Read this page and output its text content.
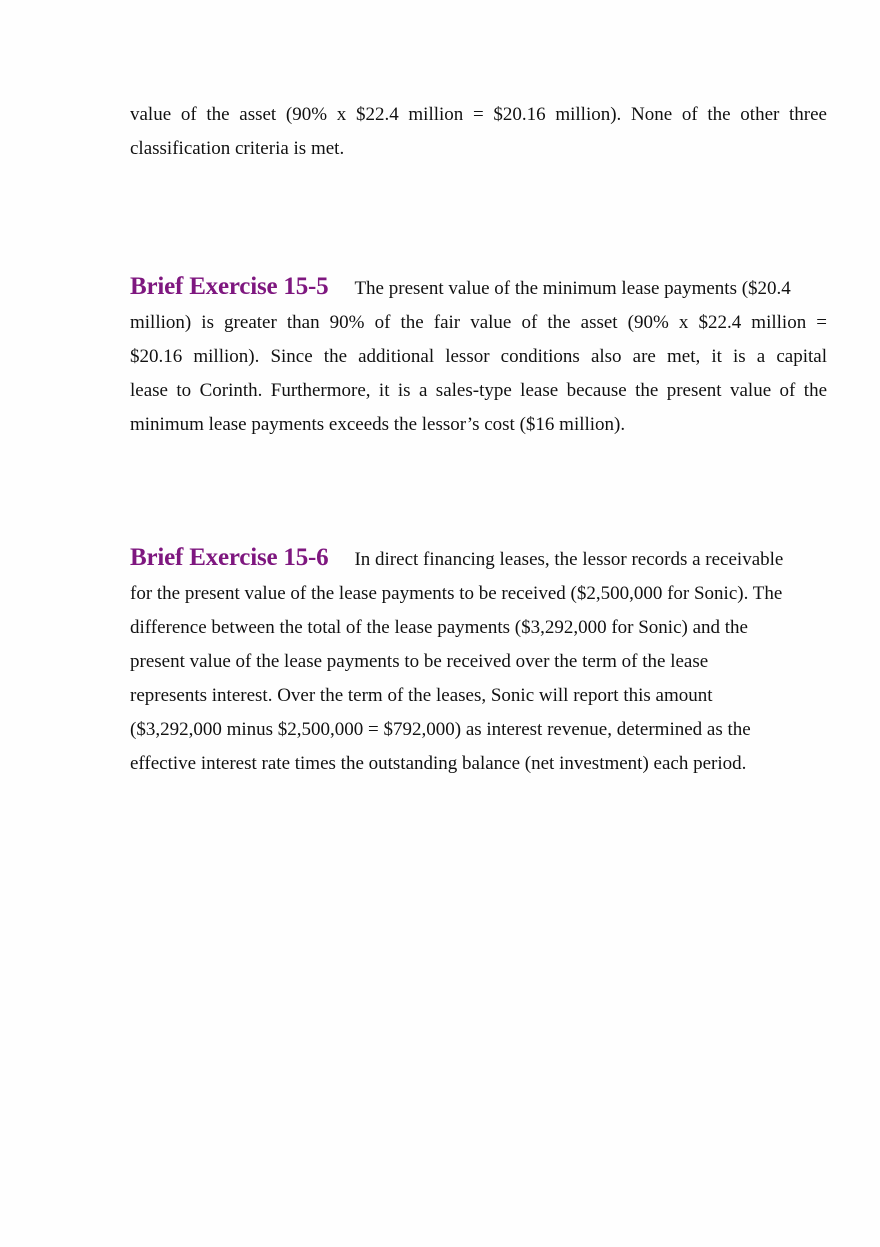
value of the asset (90% x $22.4 million = $20.16 million). None of the other three
classification criteria is met.
Brief Exercise 15-5 The present value of the minimum lease payments ($20.4
million) is greater than 90% of the fair value of the asset (90% x $22.4 million =
$20.16 million). Since the additional lessor conditions also are met, it is a capital
lease to Corinth. Furthermore, it is a sales-type lease because the present value of the
minimum lease payments exceeds the lessor’s cost ($16 million).
Brief Exercise 15-6 In direct financing leases, the lessor records a receivable
for the present value of the lease payments to be received ($2,500,000 for Sonic). The
difference between the total of the lease payments ($3,292,000 for Sonic) and the
present value of the lease payments to be received over the term of the lease
represents interest. Over the term of the leases, Sonic will report this amount
($3,292,000 minus $2,500,000 = $792,000) as interest revenue, determined as the
effective interest rate times the outstanding balance (net investment) each period.
